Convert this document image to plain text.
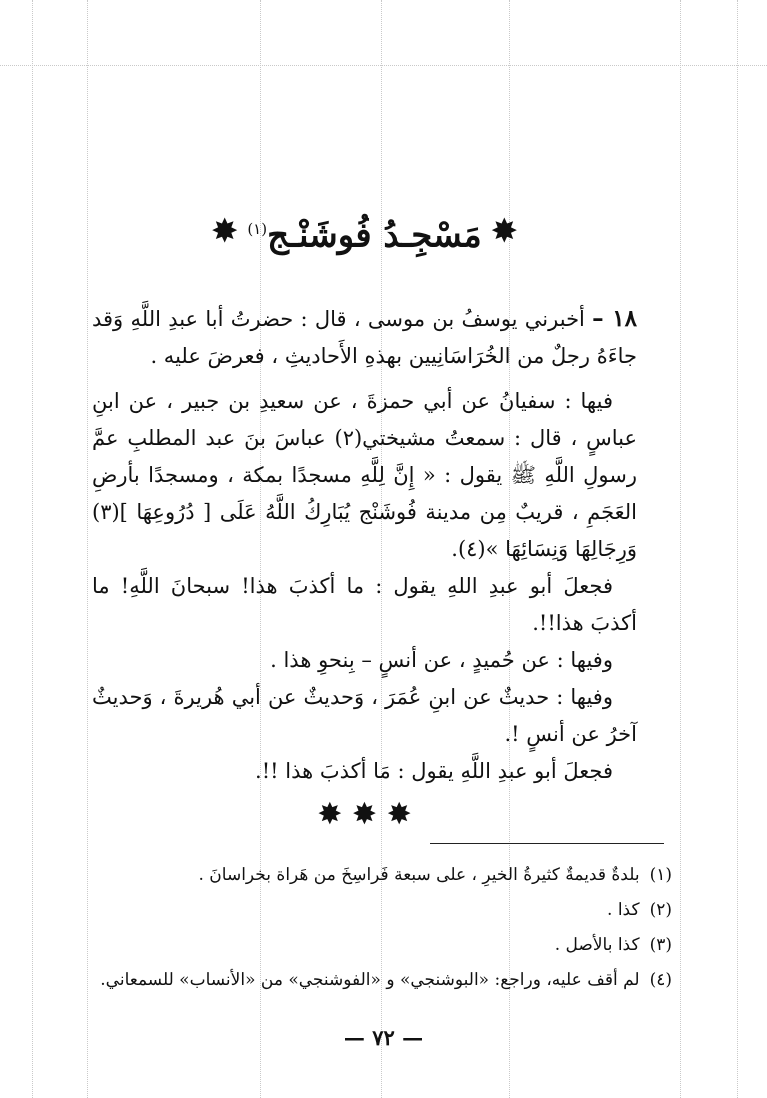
✸
مَسْجِـدُ فُوشَنْـج$^{(١)}$
✸

١٨ – أخبرني يوسفُ بن موسى ، قال : حضرتُ أبا عبدِ اللَّهِ وَقد جاءَهُ رجلٌ من الخُرَاسَانِيين بهذهِ الأَحاديثِ ، فعرضَ عليه .

فيها : سفيانُ عن أبي حمزةَ ، عن سعيدِ بن جبير ، عن ابنِ عباسٍ ، قال : سمعتُ مشيختي(٢) عباسَ بنَ عبد المطلبِ عمَّ رسولِ اللَّهِ ﷺ يقول : « إِنَّ لِلَّهِ مسجدًا بمكة ، ومسجدًا بأرضِ العَجَمِ ، قريبٌ مِن مدينة فُوشَنْج يُبَارِكُ اللَّهُ عَلَى [ دُرُوعِهَا ](٣) وَرِجَالِهَا وَنِسَائِهَا »(٤).

فجعلَ أبو عبدِ اللهِ يقول : ما أكذبَ هذا! سبحانَ اللَّهِ! ما أكذبَ هذا!!.

وفيها : عن حُميدٍ ، عن أنسٍ – بِنحوِ هذا .

وفيها : حديثٌ عن ابنِ عُمَرَ ، وَحديثٌ عن أبي هُريرةَ ، وَحديثٌ آخرُ عن أنسٍ !.

فجعلَ أبو عبدِ اللَّهِ يقول : مَا أكذبَ هذا !!.

✸ ✸ ✸
(١)بلدةٌ قديمةٌ كثيرةُ الخيرِ ، على سبعة فَراسِخَ من هَراة بخراسانَ .
(٢)كذا .
(٣)كذا بالأصل .
(٤)لم أقف عليه، وراجع: «البوشنجي» و «الفوشنجي» من «الأنساب» للسمعاني.
— ٧٢ —
